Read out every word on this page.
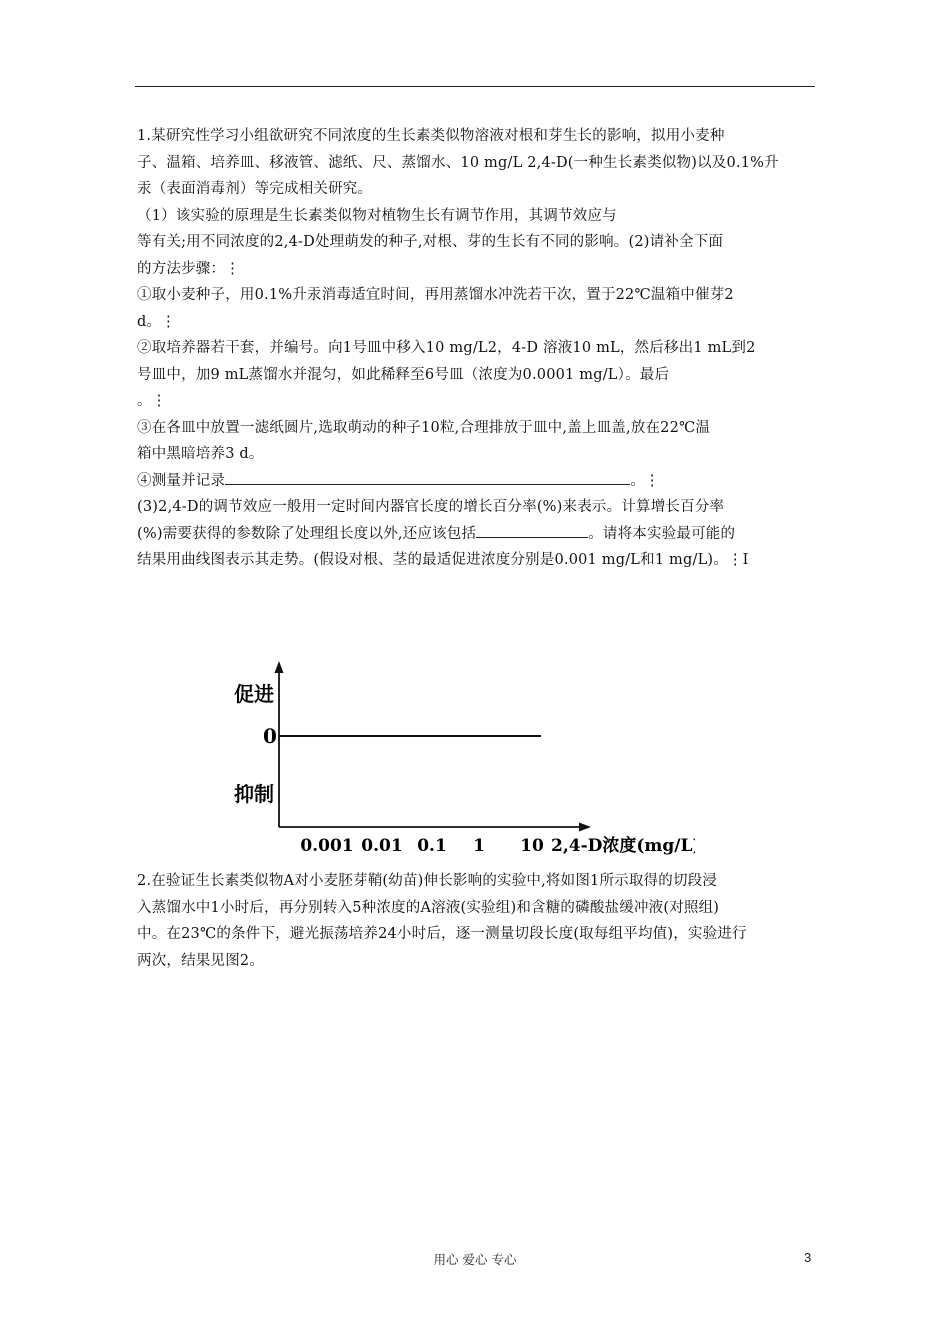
1.某研究性学习小组欲研究不同浓度的生长素类似物溶液对根和芽生长的影响，拟用小麦种
子、温箱、培养皿、移液管、滤纸、尺、蒸馏水、10 mg/L 2,4-D(一种生长素类似物)以及0.1%升
汞（表面消毒剂）等完成相关研究。
（1）该实验的原理是生长素类似物对植物生长有调节作用，其调节效应与
等有关;用不同浓度的2,4-D处理萌发的种子,对根、芽的生长有不同的影响。(2)请补全下面
的方法步骤：⋮
①取小麦种子，用0.1%升汞消毒适宜时间，再用蒸馏水冲洗若干次，置于22℃温箱中催芽2
d。⋮
②取培养器若干套，并编号。向1号皿中移入10 mg/L2，4-D 溶液10 mL，然后移出1 mL到2
号皿中，加9 mL蒸馏水并混匀，如此稀释至6号皿（浓度为0.0001 mg/L）。最后
。⋮
③在各皿中放置一滤纸圆片,选取萌动的种子10粒,合理排放于皿中,盖上皿盖,放在22℃温
箱中黑暗培养3 d。
④测量并记录	。⋮
(3)2,4-D的调节效应一般用一定时间内器官长度的增长百分率(%)来表示。计算增长百分率
(%)需要获得的参数除了处理组长度以外,还应该包括	。请将本实验最可能的
结果用曲线图表示其走势。(假设对根、茎的最适促进浓度分别是0.001 mg/L和1 mg/L)。⋮I
促进
0
抑制
0.001 0.01 0.1 1 10 2,4-D浓度(mg/L)
2.在验证生长素类似物A对小麦胚芽鞘(幼苗)伸长影响的实验中,将如图1所示取得的切段浸
入蒸馏水中1小时后，再分别转入5种浓度的A溶液(实验组)和含糖的磷酸盐缓冲液(对照组)
中。在23℃的条件下，避光振荡培养24小时后，逐一测量切段长度(取每组平均值)，实验进行
两次，结果见图2。
用心 爱心 专心	3
